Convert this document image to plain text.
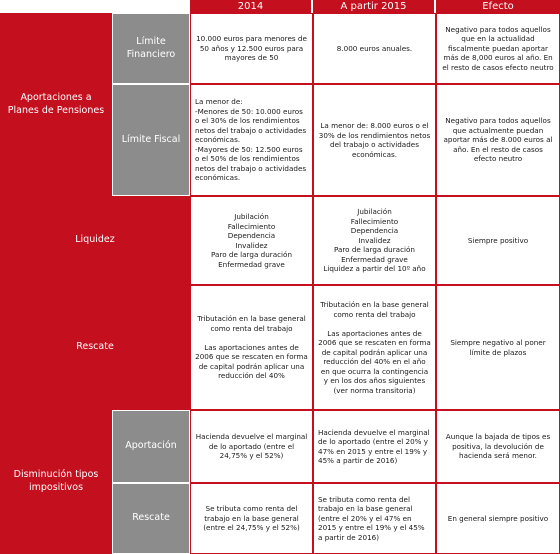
2014	A partir 2015	Efecto
Aportaciones a Planes de Pensiones
Liquidez
Rescate
Disminución tipos impositivos
Límite Financiero
Límite Fiscal
Aportación
Rescate
10.000 euros para menores de 50 años y 12.500 euros para mayores de 50
8.000 euros anuales.
Negativo para todos aquellos que en la actualidad fiscalmente puedan aportar más de 8,000 euros al año. En el resto de casos efecto neutro
La menor de:
-Menores de 50: 10.000 euros o el 30% de los rendimientos netos del trabajo o actividades económicas.
-Mayores de 50: 12.500 euros o el 50% de los rendimientos netos del trabajo o actividades económicas.
La menor de: 8.000 euros o el 30% de los rendimientos netos del trabajo o actividades económicas.
Negativo para todos aquellos que actualmente puedan aportar más de 8.000 euros al año. En el resto de casos efecto neutro
Jubilación
Fallecimiento
Dependencia
Invalidez
Paro de larga duración
Enfermedad grave
Jubilación
Fallecimiento
Dependencia
Invalidez
Paro de larga duración
Enfermedad grave
Liquidez a partir del 10º año
Siempre positivo
Tributación en la base general como renta del trabajo

Las aportaciones antes de 2006 que se rescaten en forma de capital podrán aplicar una reducción del 40%
Tributación en la base general como renta del trabajo

Las aportaciones antes de 2006 que se rescaten en forma de capital podrán aplicar una reducción del 40% en el año en que ocurra la contingencia y en los dos años siguientes (ver norma transitoria)
Siempre negativo al poner límite de plazos
Hacienda devuelve el marginal de lo aportado (entre el 24,75% y el 52%)
Hacienda devuelve el marginal de lo aportado (entre el 20% y 47% en 2015 y entre el 19% y 45% a partir de 2016)
Aunque la bajada de tipos es positiva, la devolución de hacienda será menor.
Se tributa como renta del trabajo en la base general (entre el 24,75% y el 52%)
Se tributa como renta del trabajo en la base general (entre el 20% y el 47% en 2015 y entre el 19% y el 45% a partir de 2016)
En general siempre positivo
